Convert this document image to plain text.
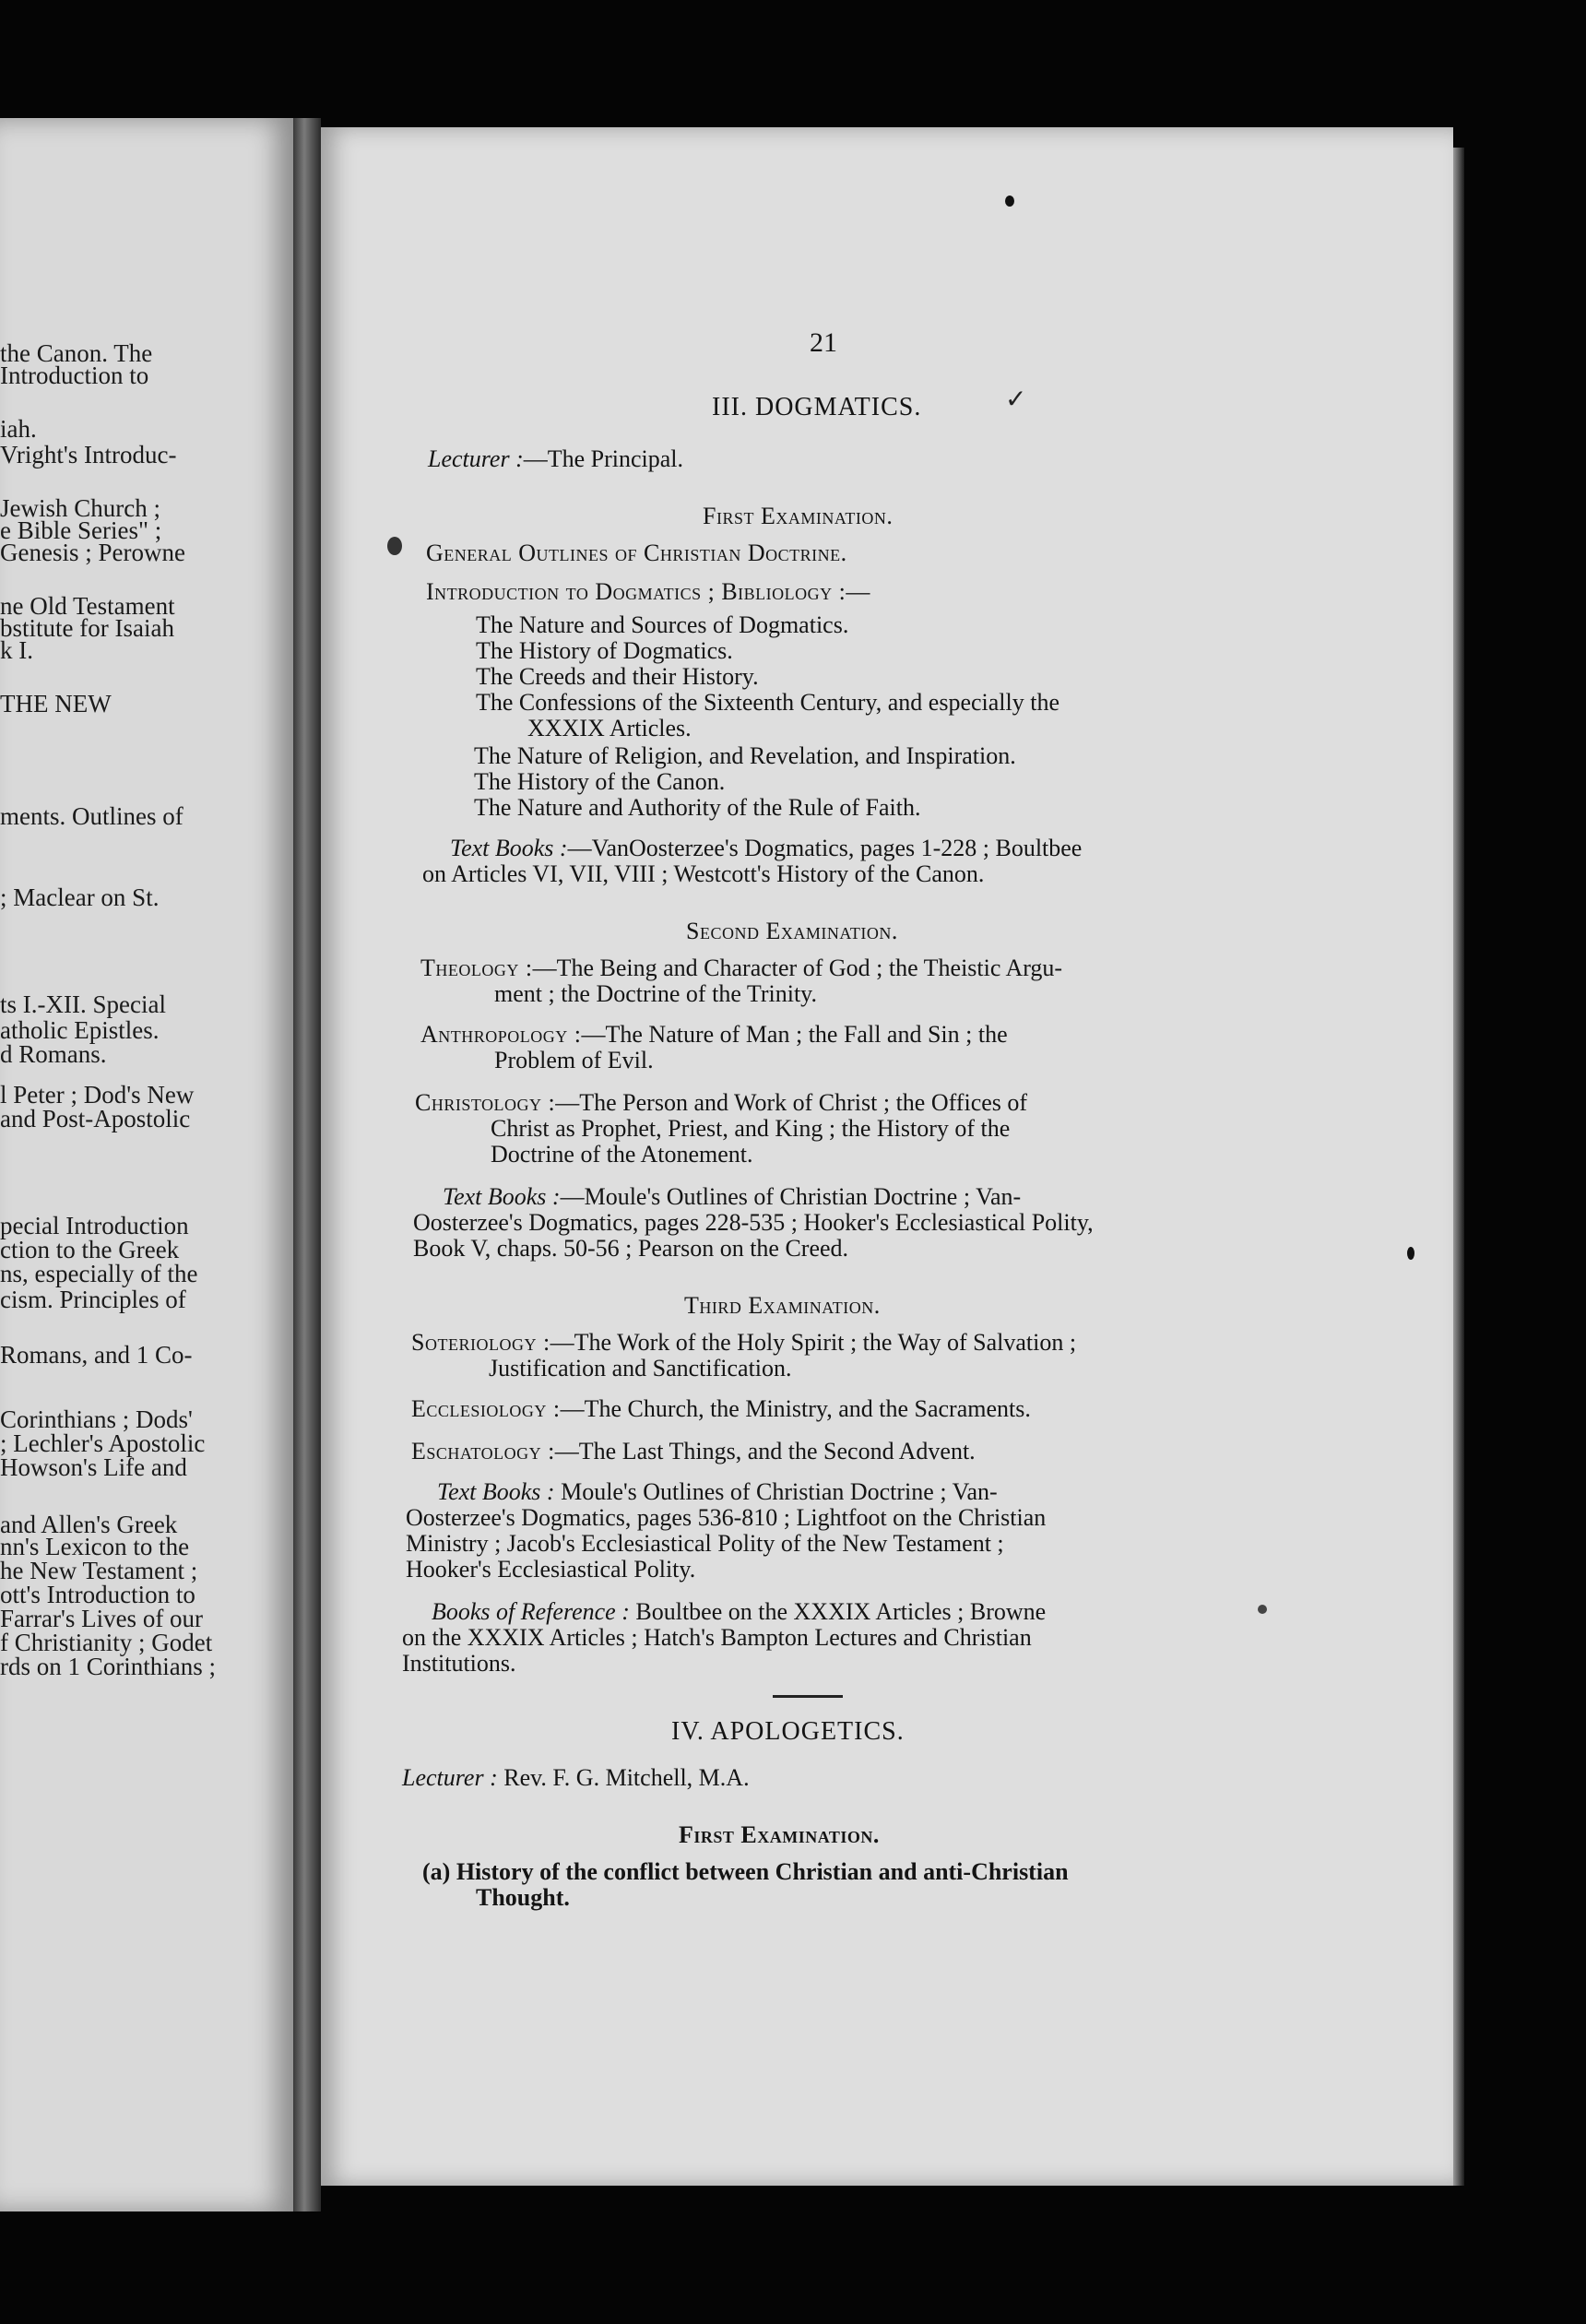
the Canon. The
Introduction to
iah.
Vright's Introduc-
Jewish Church ;
e Bible Series" ;
Genesis ; Perowne
ne Old Testament
bstitute for Isaiah
k I.
THE NEW
ments. Outlines of
; Maclear on St.
ts I.-XII. Special
atholic Epistles.
d Romans.
l Peter ; Dod's New
and Post-Apostolic
pecial Introduction
ction to the Greek
ns, especially of the
cism. Principles of
Romans, and 1 Co-
Corinthians ; Dods'
; Lechler's Apostolic
Howson's Life and
and Allen's Greek
nn's Lexicon to the
he New Testament ;
ott's Introduction to
Farrar's Lives of our
f Christianity ; Godet
rds on 1 Corinthians ;
21
✓
III. DOGMATICS.
Lecturer :—The Principal.
First Examination.
General Outlines of Christian Doctrine.
Introduction to Dogmatics ; Bibliology :—
The Nature and Sources of Dogmatics.
The History of Dogmatics.
The Creeds and their History.
The Confessions of the Sixteenth Century, and especially the
XXXIX Articles.
The Nature of Religion, and Revelation, and Inspiration.
The History of the Canon.
The Nature and Authority of the Rule of Faith.
Text Books :—VanOosterzee's Dogmatics, pages 1-228 ; Boultbee
on Articles VI, VII, VIII ; Westcott's History of the Canon.
Second Examination.
Theology :—The Being and Character of God ; the Theistic Argu-
ment ; the Doctrine of the Trinity.
Anthropology :—The Nature of Man ; the Fall and Sin ; the
Problem of Evil.
Christology :—The Person and Work of Christ ; the Offices of
Christ as Prophet, Priest, and King ; the History of the
Doctrine of the Atonement.
Text Books :—Moule's Outlines of Christian Doctrine ; Van-
Oosterzee's Dogmatics, pages 228-535 ; Hooker's Ecclesiastical Polity,
Book V, chaps. 50-56 ; Pearson on the Creed.
Third Examination.
Soteriology :—The Work of the Holy Spirit ; the Way of Salvation ;
Justification and Sanctification.
Ecclesiology :—The Church, the Ministry, and the Sacraments.
Eschatology :—The Last Things, and the Second Advent.
Text Books : Moule's Outlines of Christian Doctrine ; Van-
Oosterzee's Dogmatics, pages 536-810 ; Lightfoot on the Christian
Ministry ; Jacob's Ecclesiastical Polity of the New Testament ;
Hooker's Ecclesiastical Polity.
Books of Reference : Boultbee on the XXXIX Articles ; Browne
on the XXXIX Articles ; Hatch's Bampton Lectures and Christian
Institutions.
IV. APOLOGETICS.
Lecturer : Rev. F. G. Mitchell, M.A.
First Examination.
(a) History of the conflict between Christian and anti-Christian
Thought.
